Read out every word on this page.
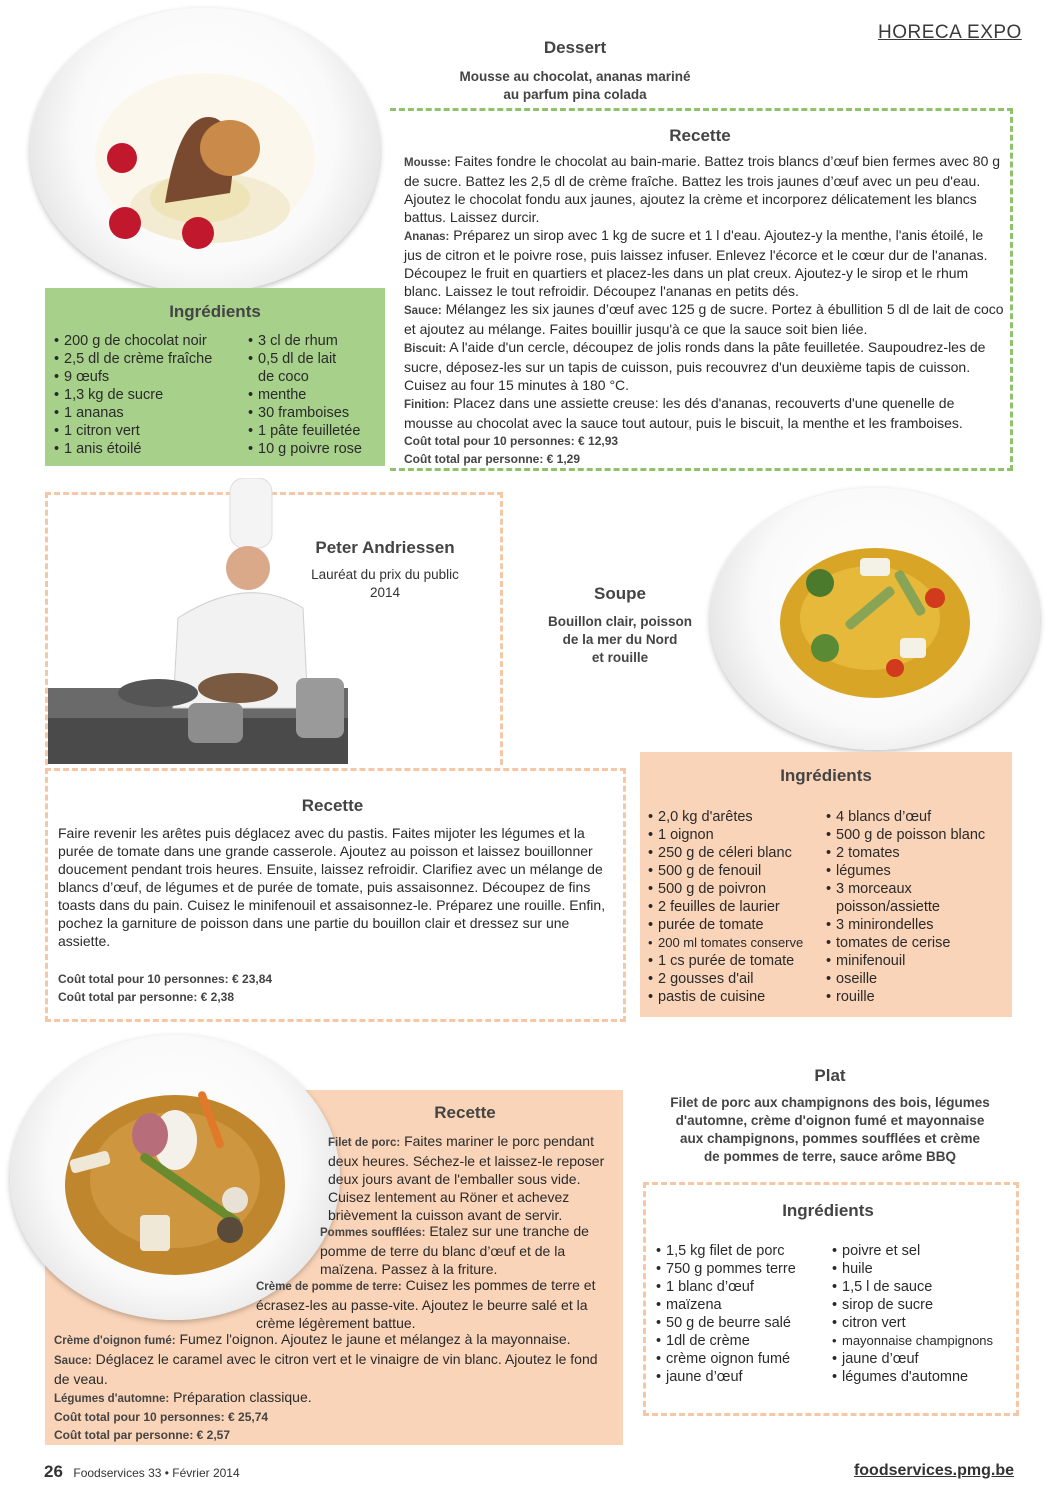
HORECA EXPO
Dessert
Mousse au chocolat, ananas mariné
au parfum pina colada
Recette

Mousse: Faites fondre le chocolat au bain-marie. Battez trois blancs d’œuf bien fermes avec 80 g de sucre. Battez les 2,5 dl de crème fraîche. Battez les trois jaunes d’œuf avec un peu d'eau. Ajoutez le chocolat fondu aux jaunes, ajoutez la crème et incorporez délicatement les blancs battus. Laissez durcir.

Ananas: Préparez un sirop avec 1 kg de sucre et 1 l d'eau. Ajoutez-y la menthe, l'anis étoilé, le jus de citron et le poivre rose, puis laissez infuser. Enlevez l'écorce et le cœur dur de l'ananas. Découpez le fruit en quartiers et placez-les dans un plat creux. Ajoutez-y le sirop et le rhum blanc. Laissez le tout refroidir. Découpez l'ananas en petits dés.

Sauce: Mélangez les six jaunes d’œuf avec 125 g de sucre. Portez à ébullition 5 dl de lait de coco et ajoutez au mélange. Faites bouillir jusqu'à ce que la sauce soit bien liée.

Biscuit: A l'aide d'un cercle, découpez de jolis ronds dans la pâte feuilletée. Saupoudrez-les de sucre, déposez-les sur un tapis de cuisson, puis recouvrez d'un deuxième tapis de cuisson. Cuisez au four 15 minutes à 180 °C.

Finition: Placez dans une assiette creuse: les dés d'ananas, recouverts d'une quenelle de mousse au chocolat avec la sauce tout autour, puis le biscuit, la menthe et les framboises.

Coût total pour 10 personnes: € 12,93
Coût total par personne: € 1,29
Ingrédients
• 200 g de chocolat noir
• 2,5 dl de crème fraîche
• 9 œufs
• 1,3 kg de sucre
• 1 ananas
• 1 citron vert
• 1 anis étoilé
• 3 cl de rhum
• 0,5 dl de lait
de coco
• menthe
• 30 framboises
• 1 pâte feuilletée
• 10 g poivre rose
Peter Andriessen
Lauréat du prix du public
2014	Soupe
Bouillon clair, poisson
de la mer du Nord
et rouille
Recette

Faire revenir les arêtes puis déglacez avec du pastis. Faites mijoter les légumes et la purée de tomate dans une grande casserole. Ajoutez au poisson et laissez bouillonner doucement pendant trois heures. Ensuite, laissez refroidir. Clarifiez avec un mélange de blancs d’œuf, de légumes et de purée de tomate, puis assaisonnez. Découpez de fins toasts dans du pain. Cuisez le minifenouil et assaisonnez-le. Préparez une rouille. Enfin, pochez la garniture de poisson dans une partie du bouillon clair et dressez sur une assiette.

Coût total pour 10 personnes: € 23,84
Coût total par personne: € 2,38
Ingrédients
• 2,0 kg d'arêtes
• 1 oignon
• 250 g de céleri blanc
• 500 g de fenouil
• 500 g de poivron
• 2 feuilles de laurier
• purée de tomate
• 200 ml tomates conserve
• 1 cs purée de tomate
• 2 gousses d'ail
• pastis de cuisine
• 4 blancs d’œuf
• 500 g de poisson blanc
• 2 tomates
• légumes
• 3 morceaux
poisson/assiette
• 3 minirondelles
• tomates de cerise
• minifenouil
• oseille
• rouille
Recette

Filet de porc: Faites mariner le porc pendant deux heures. Séchez-le et laissez-le reposer deux jours avant de l'emballer sous vide. Cuisez lentement au Röner et achevez brièvement la cuisson avant de servir.

Pommes soufflées: Etalez sur une tranche de pomme de terre du blanc d’œuf et de la maïzena. Passez à la friture.

Crème de pomme de terre: Cuisez les pommes de terre et écrasez-les au passe-vite. Ajoutez le beurre salé et la crème légèrement battue.

Crème d'oignon fumé: Fumez l'oignon. Ajoutez le jaune et mélangez à la mayonnaise.

Sauce: Déglacez le caramel avec le citron vert et le vinaigre de vin blanc. Ajoutez le fond de veau.

Légumes d'automne: Préparation classique.

Coût total pour 10 personnes: € 25,74
Coût total par personne: € 2,57
Plat
Filet de porc aux champignons des bois, légumes
d'automne, crème d'oignon fumé et mayonnaise
aux champignons, pommes soufflées et crème
de pommes de terre, sauce arôme BBQ
Ingrédients
• 1,5 kg filet de porc
• 750 g pommes terre
• 1 blanc d’œuf
• maïzena
• 50 g de beurre salé
• 1dl de crème
• crème oignon fumé
• jaune d’œuf
• poivre et sel
• huile
• 1,5 l de sauce
• sirop de sucre
• citron vert
• mayonnaise champignons
• jaune d’œuf
• légumes d'automne
26 Foodservices 33 • Février 2014	foodservices.pmg.be
